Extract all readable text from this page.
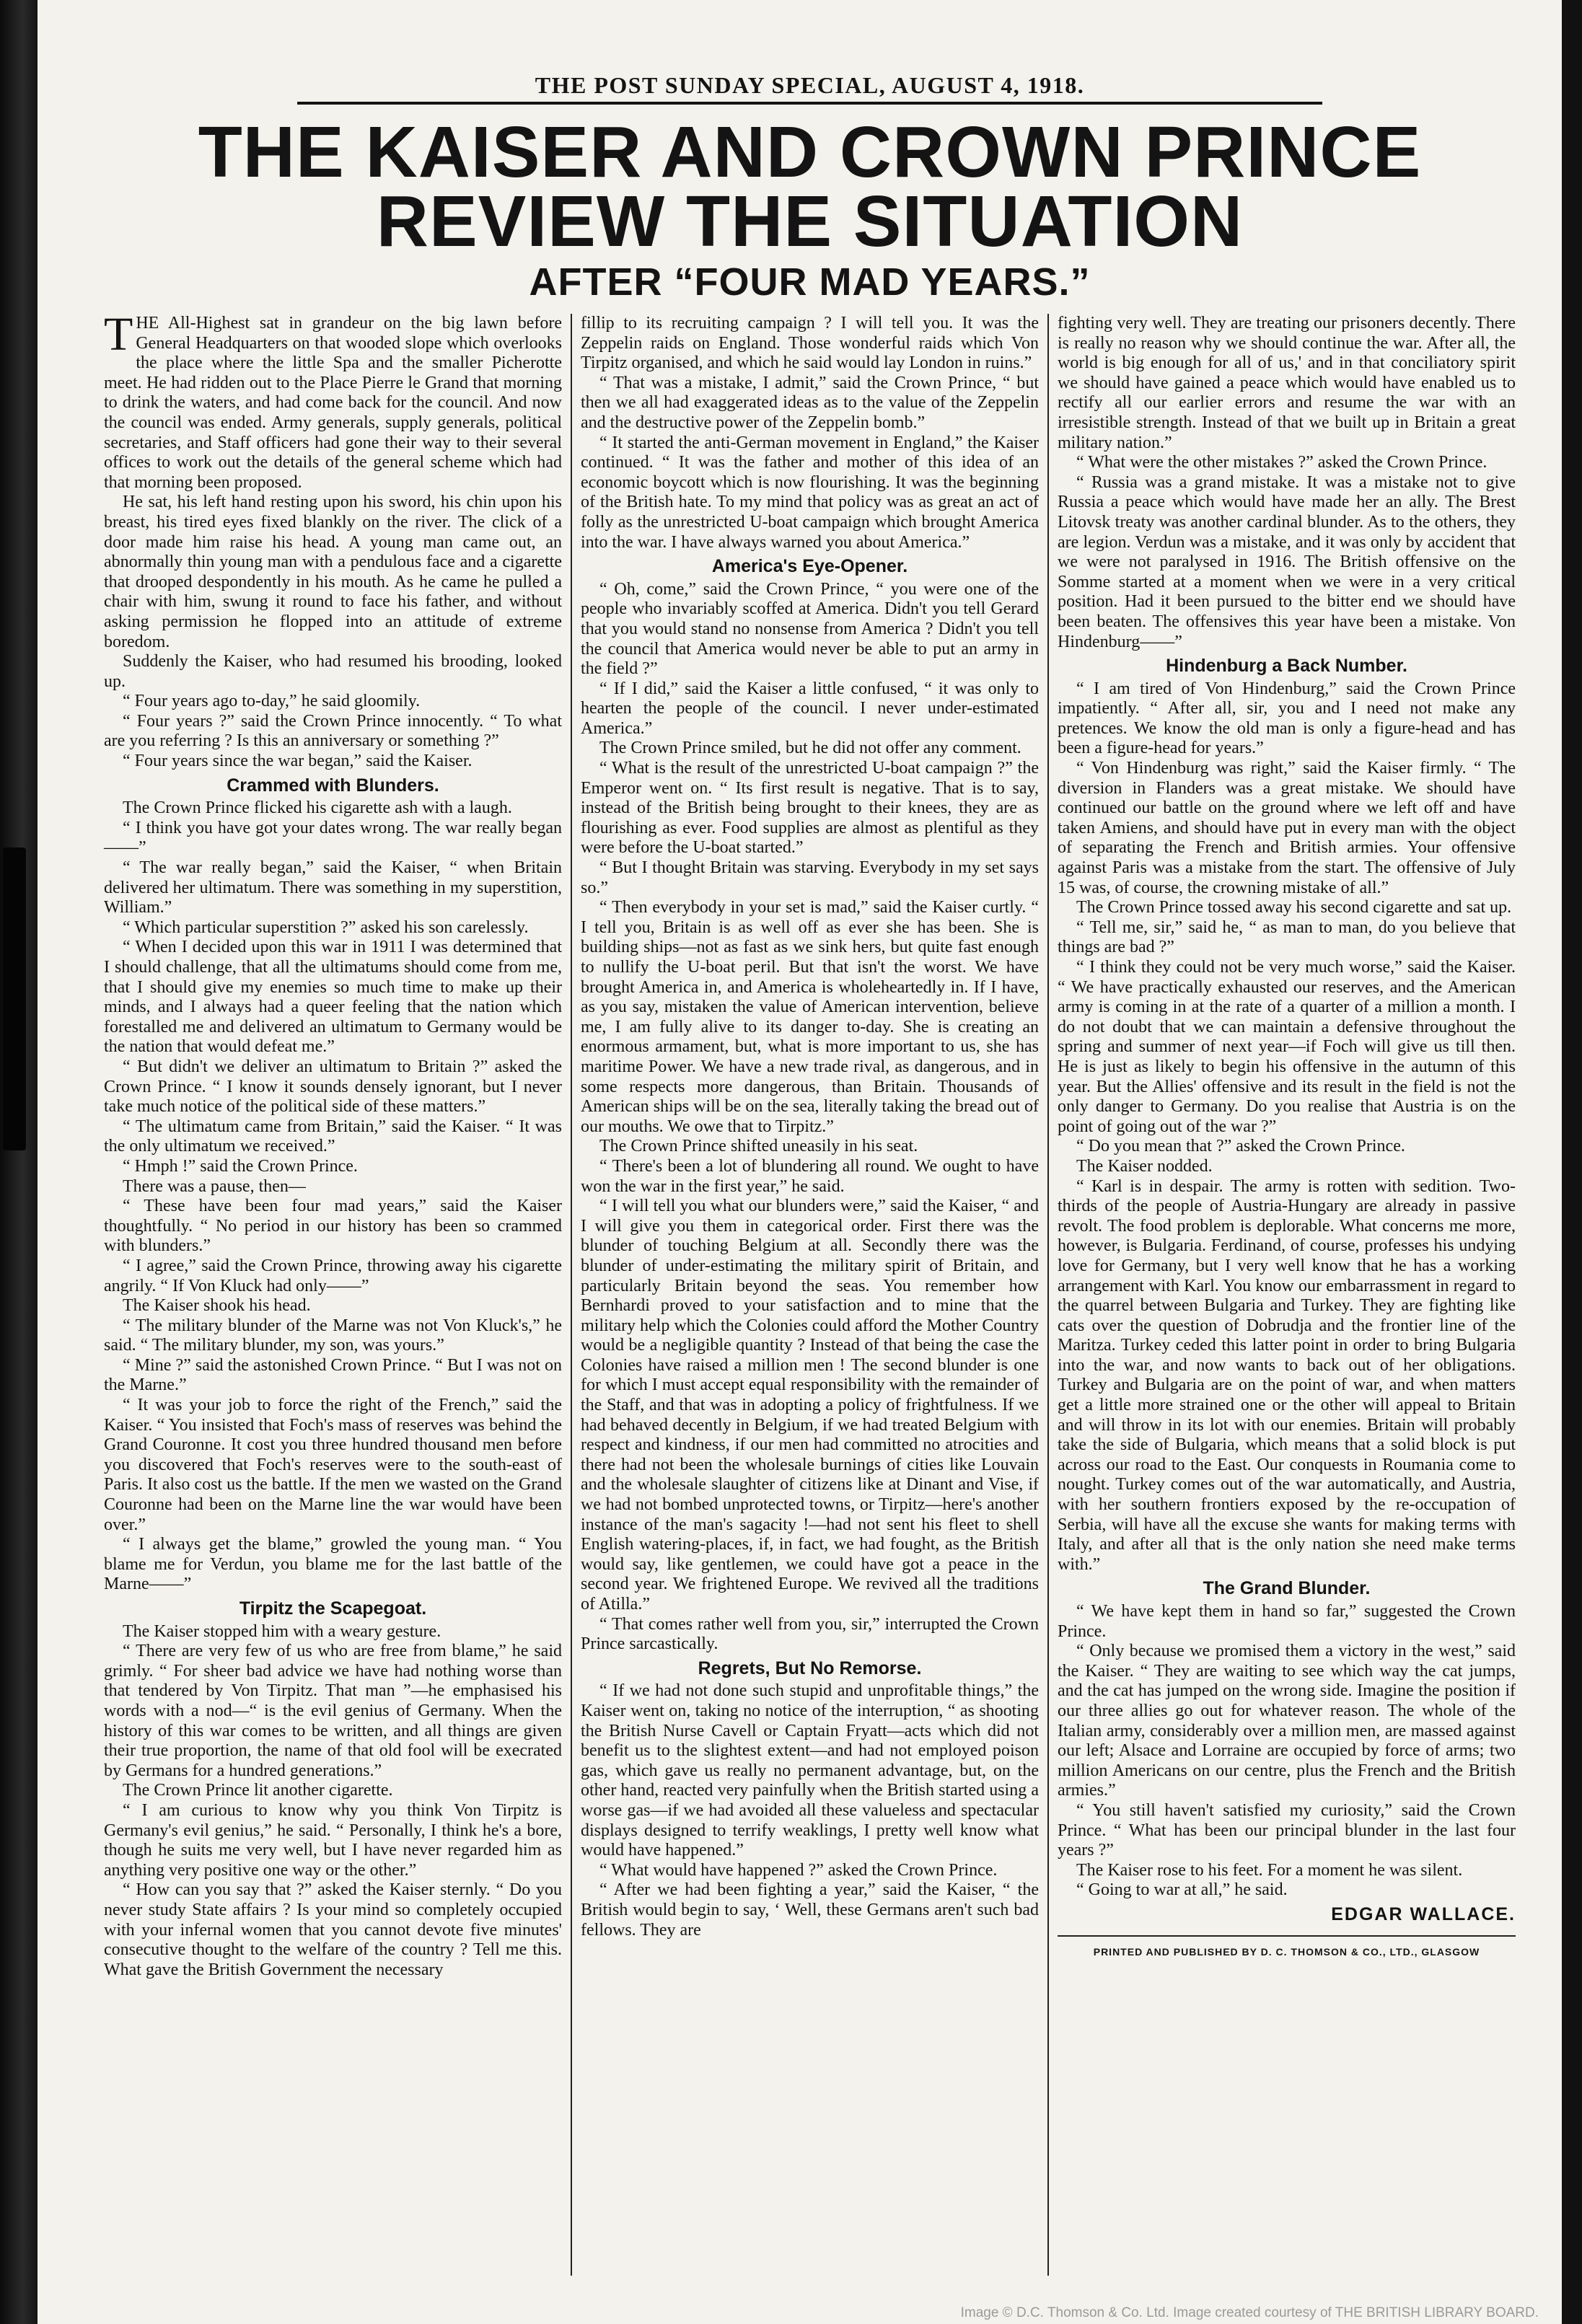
THE POST SUNDAY SPECIAL, AUGUST 4, 1918.
THE KAISER AND CROWN PRINCE
REVIEW THE SITUATION
AFTER “FOUR MAD YEARS.”

THE All-Highest sat in grandeur on the big lawn before General Headquarters on that wooded slope which overlooks the place where the little Spa and the smaller Picherotte meet. He had ridden out to the Place Pierre le Grand that morning to drink the waters, and had come back for the council. And now the council was ended. Army generals, supply generals, political secretaries, and Staff officers had gone their way to their several offices to work out the details of the general scheme which had that morning been proposed.

He sat, his left hand resting upon his sword, his chin upon his breast, his tired eyes fixed blankly on the river. The click of a door made him raise his head. A young man came out, an abnormally thin young man with a pendulous face and a cigarette that drooped despondently in his mouth. As he came he pulled a chair with him, swung it round to face his father, and without asking permission he flopped into an attitude of extreme boredom.

Suddenly the Kaiser, who had resumed his brooding, looked up.

“ Four years ago to-day,” he said gloomily.

“ Four years ?” said the Crown Prince innocently. “ To what are you referring ? Is this an anniversary or something ?”

“ Four years since the war began,” said the Kaiser.

Crammed with Blunders.

The Crown Prince flicked his cigarette ash with a laugh.

“ I think you have got your dates wrong. The war really began——”

“ The war really began,” said the Kaiser, “ when Britain delivered her ultimatum. There was something in my superstition, William.”

“ Which particular superstition ?” asked his son carelessly.

“ When I decided upon this war in 1911 I was determined that I should challenge, that all the ultimatums should come from me, that I should give my enemies so much time to make up their minds, and I always had a queer feeling that the nation which forestalled me and delivered an ultimatum to Germany would be the nation that would defeat me.”

“ But didn't we deliver an ultimatum to Britain ?” asked the Crown Prince. “ I know it sounds densely ignorant, but I never take much notice of the political side of these matters.”

“ The ultimatum came from Britain,” said the Kaiser. “ It was the only ultimatum we received.”

“ Hmph !” said the Crown Prince.

There was a pause, then—

“ These have been four mad years,” said the Kaiser thoughtfully. “ No period in our history has been so crammed with blunders.”

“ I agree,” said the Crown Prince, throwing away his cigarette angrily. “ If Von Kluck had only——”

The Kaiser shook his head.

“ The military blunder of the Marne was not Von Kluck's,” he said. “ The military blunder, my son, was yours.”

“ Mine ?” said the astonished Crown Prince. “ But I was not on the Marne.”

“ It was your job to force the right of the French,” said the Kaiser. “ You insisted that Foch's mass of reserves was behind the Grand Couronne. It cost you three hundred thousand men before you discovered that Foch's reserves were to the south-east of Paris. It also cost us the battle. If the men we wasted on the Grand Couronne had been on the Marne line the war would have been over.”

“ I always get the blame,” growled the young man. “ You blame me for Verdun, you blame me for the last battle of the Marne——”

Tirpitz the Scapegoat.

The Kaiser stopped him with a weary gesture.

“ There are very few of us who are free from blame,” he said grimly. “ For sheer bad advice we have had nothing worse than that tendered by Von Tirpitz. That man ”—he emphasised his words with a nod—“ is the evil genius of Germany. When the history of this war comes to be written, and all things are given their true proportion, the name of that old fool will be execrated by Germans for a hundred generations.”

The Crown Prince lit another cigarette.

“ I am curious to know why you think Von Tirpitz is Germany's evil genius,” he said. “ Personally, I think he's a bore, though he suits me very well, but I have never regarded him as anything very positive one way or the other.”

“ How can you say that ?” asked the Kaiser sternly. “ Do you never study State affairs ? Is your mind so completely occupied with your infernal women that you cannot devote five minutes' consecutive thought to the welfare of the country ? Tell me this. What gave the British Government the necessary

fillip to its recruiting campaign ? I will tell you. It was the Zeppelin raids on England. Those wonderful raids which Von Tirpitz organised, and which he said would lay London in ruins.”

“ That was a mistake, I admit,” said the Crown Prince, “ but then we all had exaggerated ideas as to the value of the Zeppelin and the destructive power of the Zeppelin bomb.”

“ It started the anti-German movement in England,” the Kaiser continued. “ It was the father and mother of this idea of an economic boycott which is now flourishing. It was the beginning of the British hate. To my mind that policy was as great an act of folly as the unrestricted U-boat campaign which brought America into the war. I have always warned you about America.”

America's Eye-Opener.

“ Oh, come,” said the Crown Prince, “ you were one of the people who invariably scoffed at America. Didn't you tell Gerard that you would stand no nonsense from America ? Didn't you tell the council that America would never be able to put an army in the field ?”

“ If I did,” said the Kaiser a little confused, “ it was only to hearten the people of the council. I never under-estimated America.”

The Crown Prince smiled, but he did not offer any comment.

“ What is the result of the unrestricted U-boat campaign ?” the Emperor went on. “ Its first result is negative. That is to say, instead of the British being brought to their knees, they are as flourishing as ever. Food supplies are almost as plentiful as they were before the U-boat started.”

“ But I thought Britain was starving. Everybody in my set says so.”

“ Then everybody in your set is mad,” said the Kaiser curtly. “ I tell you, Britain is as well off as ever she has been. She is building ships—not as fast as we sink hers, but quite fast enough to nullify the U-boat peril. But that isn't the worst. We have brought America in, and America is wholeheartedly in. If I have, as you say, mistaken the value of American intervention, believe me, I am fully alive to its danger to-day. She is creating an enormous armament, but, what is more important to us, she has maritime Power. We have a new trade rival, as dangerous, and in some respects more dangerous, than Britain. Thousands of American ships will be on the sea, literally taking the bread out of our mouths. We owe that to Tirpitz.”

The Crown Prince shifted uneasily in his seat.

“ There's been a lot of blundering all round. We ought to have won the war in the first year,” he said.

“ I will tell you what our blunders were,” said the Kaiser, “ and I will give you them in categorical order. First there was the blunder of touching Belgium at all. Secondly there was the blunder of under-estimating the military spirit of Britain, and particularly Britain beyond the seas. You remember how Bernhardi proved to your satisfaction and to mine that the military help which the Colonies could afford the Mother Country would be a negligible quantity ? Instead of that being the case the Colonies have raised a million men ! The second blunder is one for which I must accept equal responsibility with the remainder of the Staff, and that was in adopting a policy of frightfulness. If we had behaved decently in Belgium, if we had treated Belgium with respect and kindness, if our men had committed no atrocities and there had not been the wholesale burnings of cities like Louvain and the wholesale slaughter of citizens like at Dinant and Vise, if we had not bombed unprotected towns, or Tirpitz—here's another instance of the man's sagacity !—had not sent his fleet to shell English watering-places, if, in fact, we had fought, as the British would say, like gentlemen, we could have got a peace in the second year. We frightened Europe. We revived all the traditions of Atilla.”

“ That comes rather well from you, sir,” interrupted the Crown Prince sarcastically.

Regrets, But No Remorse.

“ If we had not done such stupid and unprofitable things,” the Kaiser went on, taking no notice of the interruption, “ as shooting the British Nurse Cavell or Captain Fryatt—acts which did not benefit us to the slightest extent—and had not employed poison gas, which gave us really no permanent advantage, but, on the other hand, reacted very painfully when the British started using a worse gas—if we had avoided all these valueless and spectacular displays designed to terrify weaklings, I pretty well know what would have happened.”

“ What would have happened ?” asked the Crown Prince.

“ After we had been fighting a year,” said the Kaiser, “ the British would begin to say, ‘ Well, these Germans aren't such bad fellows. They are

fighting very well. They are treating our prisoners decently. There is really no reason why we should continue the war. After all, the world is big enough for all of us,' and in that conciliatory spirit we should have gained a peace which would have enabled us to rectify all our earlier errors and resume the war with an irresistible strength. Instead of that we built up in Britain a great military nation.”

“ What were the other mistakes ?” asked the Crown Prince.

“ Russia was a grand mistake. It was a mistake not to give Russia a peace which would have made her an ally. The Brest Litovsk treaty was another cardinal blunder. As to the others, they are legion. Verdun was a mistake, and it was only by accident that we were not paralysed in 1916. The British offensive on the Somme started at a moment when we were in a very critical position. Had it been pursued to the bitter end we should have been beaten. The offensives this year have been a mistake. Von Hindenburg——”

Hindenburg a Back Number.

“ I am tired of Von Hindenburg,” said the Crown Prince impatiently. “ After all, sir, you and I need not make any pretences. We know the old man is only a figure-head and has been a figure-head for years.”

“ Von Hindenburg was right,” said the Kaiser firmly. “ The diversion in Flanders was a great mistake. We should have continued our battle on the ground where we left off and have taken Amiens, and should have put in every man with the object of separating the French and British armies. Your offensive against Paris was a mistake from the start. The offensive of July 15 was, of course, the crowning mistake of all.”

The Crown Prince tossed away his second cigarette and sat up.

“ Tell me, sir,” said he, “ as man to man, do you believe that things are bad ?”

“ I think they could not be very much worse,” said the Kaiser. “ We have practically exhausted our reserves, and the American army is coming in at the rate of a quarter of a million a month. I do not doubt that we can maintain a defensive throughout the spring and summer of next year—if Foch will give us till then. He is just as likely to begin his offensive in the autumn of this year. But the Allies' offensive and its result in the field is not the only danger to Germany. Do you realise that Austria is on the point of going out of the war ?”

“ Do you mean that ?” asked the Crown Prince.

The Kaiser nodded.

“ Karl is in despair. The army is rotten with sedition. Two-thirds of the people of Austria-Hungary are already in passive revolt. The food problem is deplorable. What concerns me more, however, is Bulgaria. Ferdinand, of course, professes his undying love for Germany, but I very well know that he has a working arrangement with Karl. You know our embarrassment in regard to the quarrel between Bulgaria and Turkey. They are fighting like cats over the question of Dobrudja and the frontier line of the Maritza. Turkey ceded this latter point in order to bring Bulgaria into the war, and now wants to back out of her obligations. Turkey and Bulgaria are on the point of war, and when matters get a little more strained one or the other will appeal to Britain and will throw in its lot with our enemies. Britain will probably take the side of Bulgaria, which means that a solid block is put across our road to the East. Our conquests in Roumania come to nought. Turkey comes out of the war automatically, and Austria, with her southern frontiers exposed by the re-occupation of Serbia, will have all the excuse she wants for making terms with Italy, and after all that is the only nation she need make terms with.”

The Grand Blunder.

“ We have kept them in hand so far,” suggested the Crown Prince.

“ Only because we promised them a victory in the west,” said the Kaiser. “ They are waiting to see which way the cat jumps, and the cat has jumped on the wrong side. Imagine the position if our three allies go out for whatever reason. The whole of the Italian army, considerably over a million men, are massed against our left; Alsace and Lorraine are occupied by force of arms; two million Americans on our centre, plus the French and the British armies.”

“ You still haven't satisfied my curiosity,” said the Crown Prince. “ What has been our principal blunder in the last four years ?”

The Kaiser rose to his feet. For a moment he was silent.

“ Going to war at all,” he said.

EDGAR WALLACE.

PRINTED AND PUBLISHED BY D. C. THOMSON & CO., LTD., GLASGOW

Image © D.C. Thomson & Co. Ltd. Image created courtesy of THE BRITISH LIBRARY BOARD.
